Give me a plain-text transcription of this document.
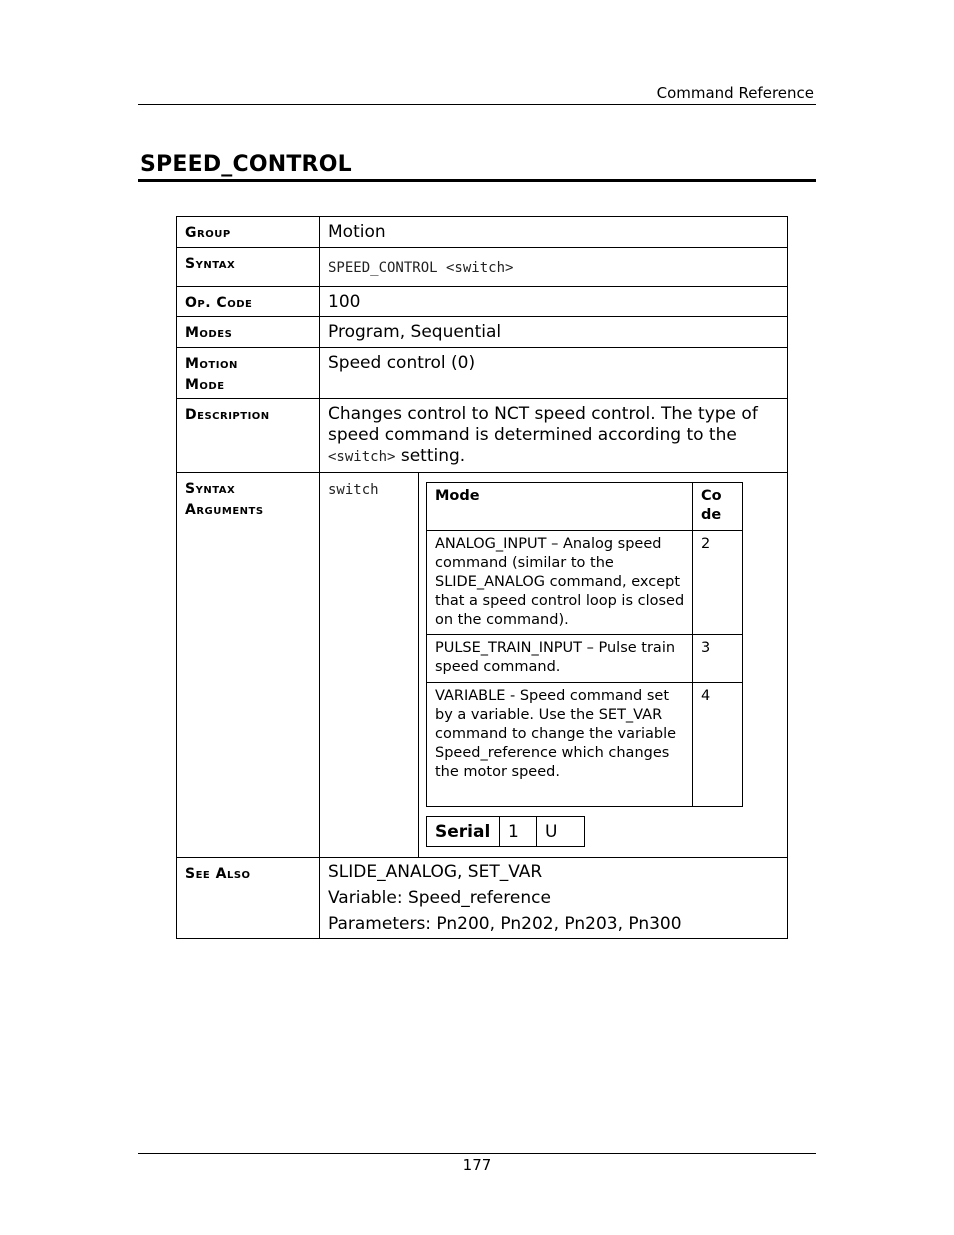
Command Reference
SPEED_CONTROL
Group	Motion
Syntax	SPEED_CONTROL <switch>
Op. Code	100
Modes	Program, Sequential
Motion
Mode	Speed control (0)
Description	Changes control to NCT speed control. The type of speed command is determined according to the
<switch> setting.
Syntax
Arguments	
switch	Mode	Co de
ANALOG_INPUT – Analog speed command (similar to the SLIDE_ANALOG command, except that a speed control loop is closed on the command).	2
PULSE_TRAIN_INPUT – Pulse train speed command.	3
VARIABLE - Speed command set by a variable. Use the SET_VAR command to change the variable Speed_reference which changes the motor speed.	4
Serial	1	U

See Also	SLIDE_ANALOG, SET_VAR
Variable: Speed_reference
Parameters: Pn200, Pn202, Pn203, Pn300
177
